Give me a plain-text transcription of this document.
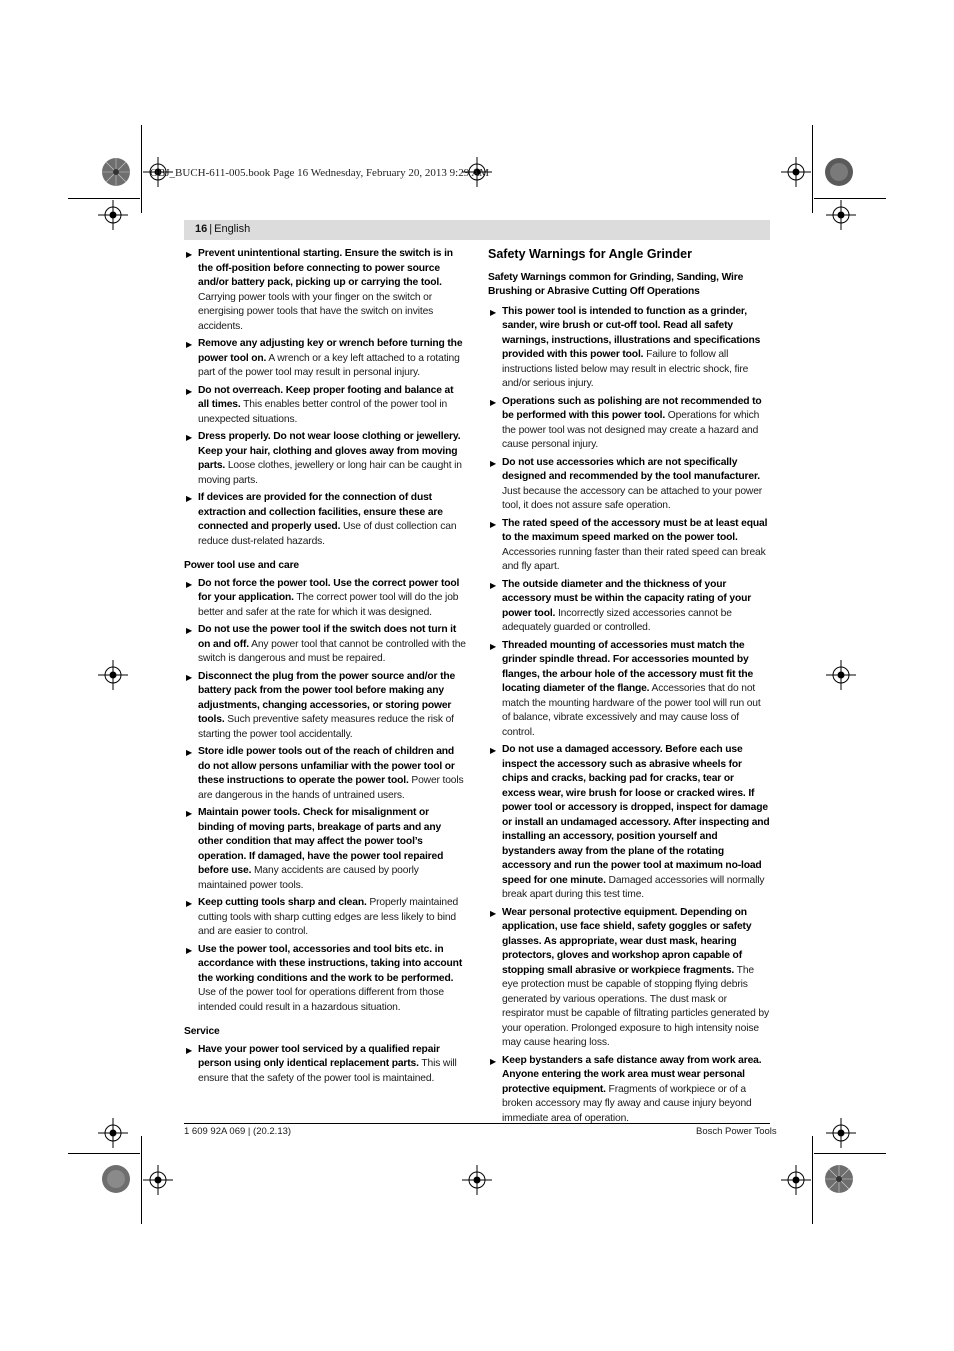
OBJ_BUCH-611-005.book Page 16 Wednesday, February 20, 2013 9:29 AM
16 | English
▶ Prevent unintentional starting. Ensure the switch is in the off-position before connecting to power source and/or battery pack, picking up or carrying the tool. Carrying power tools with your finger on the switch or energising power tools that have the switch on invites accidents.
▶ Remove any adjusting key or wrench before turning the power tool on. A wrench or a key left attached to a rotating part of the power tool may result in personal injury.
▶ Do not overreach. Keep proper footing and balance at all times. This enables better control of the power tool in unexpected situations.
▶ Dress properly. Do not wear loose clothing or jewellery. Keep your hair, clothing and gloves away from moving parts. Loose clothes, jewellery or long hair can be caught in moving parts.
▶ If devices are provided for the connection of dust extraction and collection facilities, ensure these are connected and properly used. Use of dust collection can reduce dust-related hazards.
Power tool use and care
▶ Do not force the power tool. Use the correct power tool for your application. The correct power tool will do the job better and safer at the rate for which it was designed.
▶ Do not use the power tool if the switch does not turn it on and off. Any power tool that cannot be controlled with the switch is dangerous and must be repaired.
▶ Disconnect the plug from the power source and/or the battery pack from the power tool before making any adjustments, changing accessories, or storing power tools. Such preventive safety measures reduce the risk of starting the power tool accidentally.
▶ Store idle power tools out of the reach of children and do not allow persons unfamiliar with the power tool or these instructions to operate the power tool. Power tools are dangerous in the hands of untrained users.
▶ Maintain power tools. Check for misalignment or binding of moving parts, breakage of parts and any other condition that may affect the power tool’s operation. If damaged, have the power tool repaired before use. Many accidents are caused by poorly maintained power tools.
▶ Keep cutting tools sharp and clean. Properly maintained cutting tools with sharp cutting edges are less likely to bind and are easier to control.
▶ Use the power tool, accessories and tool bits etc. in accordance with these instructions, taking into account the working conditions and the work to be performed. Use of the power tool for operations different from those intended could result in a hazardous situation.
Service
▶ Have your power tool serviced by a qualified repair person using only identical replacement parts. This will ensure that the safety of the power tool is maintained.
Safety Warnings for Angle Grinder
Safety Warnings common for Grinding, Sanding, Wire Brushing or Abrasive Cutting Off Operations
▶ This power tool is intended to function as a grinder, sander, wire brush or cut-off tool. Read all safety warnings, instructions, illustrations and specifications provided with this power tool. Failure to follow all instructions listed below may result in electric shock, fire and/or serious injury.
▶ Operations such as polishing are not recommended to be performed with this power tool. Operations for which the power tool was not designed may create a hazard and cause personal injury.
▶ Do not use accessories which are not specifically designed and recommended by the tool manufacturer. Just because the accessory can be attached to your power tool, it does not assure safe operation.
▶ The rated speed of the accessory must be at least equal to the maximum speed marked on the power tool. Accessories running faster than their rated speed can break and fly apart.
▶ The outside diameter and the thickness of your accessory must be within the capacity rating of your power tool. Incorrectly sized accessories cannot be adequately guarded or controlled.
▶ Threaded mounting of accessories must match the grinder spindle thread. For accessories mounted by flanges, the arbour hole of the accessory must fit the locating diameter of the flange. Accessories that do not match the mounting hardware of the power tool will run out of balance, vibrate excessively and may cause loss of control.
▶ Do not use a damaged accessory. Before each use inspect the accessory such as abrasive wheels for chips and cracks, backing pad for cracks, tear or excess wear, wire brush for loose or cracked wires. If power tool or accessory is dropped, inspect for damage or install an undamaged accessory. After inspecting and installing an accessory, position yourself and bystanders away from the plane of the rotating accessory and run the power tool at maximum no-load speed for one minute. Damaged accessories will normally break apart during this test time.
▶ Wear personal protective equipment. Depending on application, use face shield, safety goggles or safety glasses. As appropriate, wear dust mask, hearing protectors, gloves and workshop apron capable of stopping small abrasive or workpiece fragments. The eye protection must be capable of stopping flying debris generated by various operations. The dust mask or respirator must be capable of filtrating particles generated by your operation. Prolonged exposure to high intensity noise may cause hearing loss.
▶ Keep bystanders a safe distance away from work area. Anyone entering the work area must wear personal protective equipment. Fragments of workpiece or of a broken accessory may fly away and cause injury beyond immediate area of operation.
1 609 92A 069 | (20.2.13)	Bosch Power Tools
